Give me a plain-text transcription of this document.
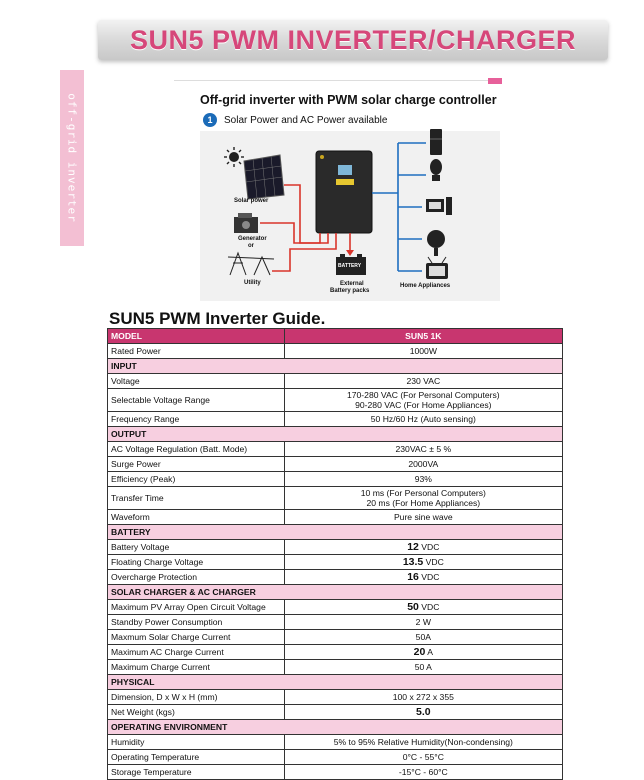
SUN5 PWM INVERTER/CHARGER
off-grid inverter	Off-grid inverter with PWM solar charge controller
1	Solar Power and AC Power available
Solar power
Generator
or
Utility
BATTERY
External
Battery packs
Home Appliances
SUN5 PWM Inverter Guide.
MODEL	SUN5 1K
Rated Power	1000W

INPUT	
Voltage	230 VAC

Selectable Voltage Range	170-280 VAC (For Personal Computers)
90-280 VAC (For Home Appliances)

Frequency Range	50 Hz/60 Hz (Auto sensing)

OUTPUT	
AC Voltage Regulation (Batt. Mode)	230VAC ± 5 %

Surge Power	2000VA

Efficiency (Peak)	93%

Transfer Time	10 ms (For Personal Computers)
20 ms (For Home Appliances)

Waveform	Pure sine wave

BATTERY	
Battery Voltage	12 VDC
Floating Charge Voltage	13.5 VDC
Overcharge Protection	16 VDC
SOLAR CHARGER & AC CHARGER	
Maximum PV Array Open Circuit Voltage	50 VDC
Standby Power Consumption	2 W

Maxmum Solar Charge Current	50A

Maximum AC Charge Current	20 A
Maximum Charge Current	50 A

PHYSICAL	
Dimension, D x W x H (mm)	100 x 272 x 355

Net Weight (kgs)	5.0
OPERATING ENVIRONMENT	
Humidity	5% to 95% Relative Humidity(Non-condensing)

Operating Temperature	0°C - 55°C

Storage Temperature	-15°C - 60°C
